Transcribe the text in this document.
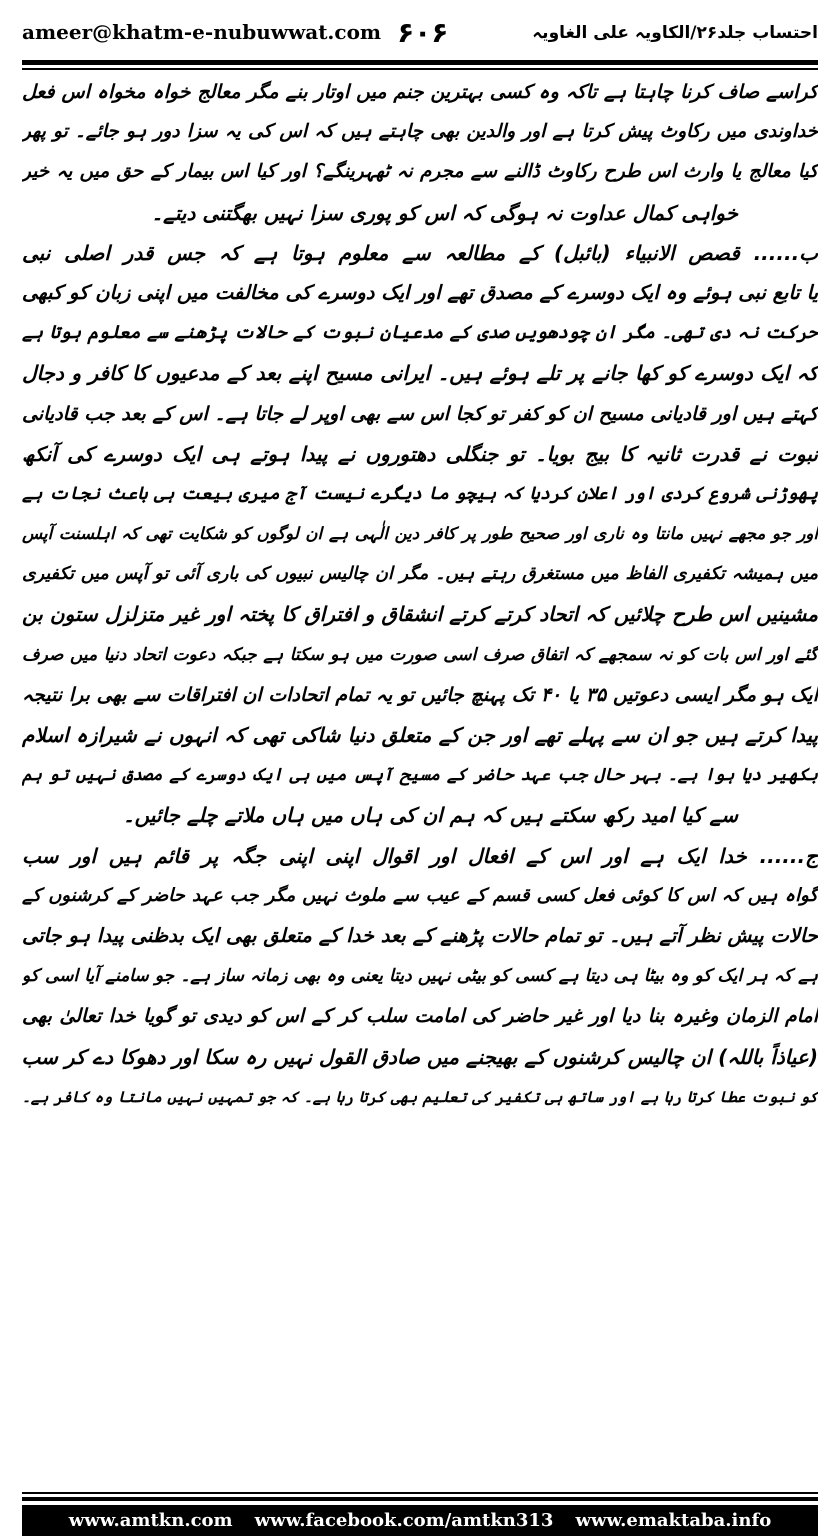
ameer@khatm-e-nubuwwat.com ۶۰۶	احتساب جلد۲۶/الکاویہ علی الغاویہ
کراسے صاف کرنا چاہتا ہے تاکہ وہ کسی بہترین جنم میں اوتار بنے مگر معالج خواہ مخواہ اس فعل
خداوندی میں رکاوٹ پیش کرتا ہے اور والدین بھی چاہتے ہیں کہ اس کی یہ سزا دور ہو جائے۔ تو پھر
کیا معالج یا وارث اس طرح رکاوٹ ڈالنے سے مجرم نہ ٹھہرینگے؟ اور کیا اس بیمار کے حق میں یہ خیر
خواہی کمال عداوت نہ ہوگی کہ اس کو پوری سزا نہیں بھگتنی دیتے۔
ب...... قصص الانبیاء (بائبل) کے مطالعہ سے معلوم ہوتا ہے کہ جس قدر اصلی نبی
یا تابع نبی ہوئے وہ ایک دوسرے کے مصدق تھے اور ایک دوسرے کی مخالفت میں اپنی زبان کو کبھی
حرکت نہ دی تھی۔ مگر ان چودھویں صدی کے مدعیان نبوت کے حالات پڑھنے سے معلوم ہوتا ہے
کہ ایک دوسرے کو کھا جانے پر تلے ہوئے ہیں۔ ایرانی مسیح اپنے بعد کے مدعیوں کا کافر و دجال
کہتے ہیں اور قادیانی مسیح ان کو کفر تو کجا اس سے بھی اوپر لے جاتا ہے۔ اس کے بعد جب قادیانی
نبوت نے قدرت ثانیہ کا بیج بویا۔ تو جنگلی دھتوروں نے پیدا ہوتے ہی ایک دوسرے کی آنکھ
پھوڑنی شروع کردی اور اعلان کردیا کہ ہیچو ما دیگرے نیست آج میری بیعت ہی باعث نجات ہے
اور جو مجھے نہیں مانتا وہ ناری اور صحیح طور پر کافر دین الٰہی ہے ان لوگوں کو شکایت تھی کہ اہلسنت آپس
میں ہمیشہ تکفیری الفاظ میں مستغرق رہتے ہیں۔ مگر ان چالیس نبیوں کی باری آئی تو آپس میں تکفیری
مشینیں اس طرح چلائیں کہ اتحاد کرتے کرتے انشقاق و افتراق کا پختہ اور غیر متزلزل ستون بن
گئے اور اس بات کو نہ سمجھے کہ اتفاق صرف اسی صورت میں ہو سکتا ہے جبکہ دعوت اتحاد دنیا میں صرف
ایک ہو مگر ایسی دعوتیں ۳۵ یا ۴۰ تک پہنچ جائیں تو یہ تمام اتحادات ان افتراقات سے بھی برا نتیجہ
پیدا کرتے ہیں جو ان سے پہلے تھے اور جن کے متعلق دنیا شاکی تھی کہ انہوں نے شیرازہ اسلام
بکھیر دیا ہوا ہے۔ بہر حال جب عہد حاضر کے مسیح آپس میں ہی ایک دوسرے کے مصدق نہیں تو ہم
سے کیا امید رکھ سکتے ہیں کہ ہم ان کی ہاں میں ہاں ملاتے چلے جائیں۔
ج...... خدا ایک ہے اور اس کے افعال اور اقوال اپنی اپنی جگہ پر قائم ہیں اور سب
گواہ ہیں کہ اس کا کوئی فعل کسی قسم کے عیب سے ملوث نہیں مگر جب عہد حاضر کے کرشنوں کے
حالات پیش نظر آتے ہیں۔ تو تمام حالات پڑھنے کے بعد خدا کے متعلق بھی ایک بدظنی پیدا ہو جاتی
ہے کہ ہر ایک کو وہ بیٹا ہی دیتا ہے کسی کو بیٹی نہیں دیتا یعنی وہ بھی زمانہ ساز ہے۔ جو سامنے آیا اسی کو
امام الزمان وغیرہ بنا دیا اور غیر حاضر کی امامت سلب کر کے اس کو دیدی تو گویا خدا تعالیٰ بھی
(عیاذاً باللہ) ان چالیس کرشنوں کے بھیجنے میں صادق القول نہیں رہ سکا اور دھوکا دے کر سب
کو نبوت عطا کرتا رہا ہے اور ساتھ ہی تکفیر کی تعلیم بھی کرتا رہا ہے۔ کہ جو تمہیں نہیں مانتا وہ کافر ہے۔
www.amtkn.com www.facebook.com/amtkn313 www.emaktaba.info
